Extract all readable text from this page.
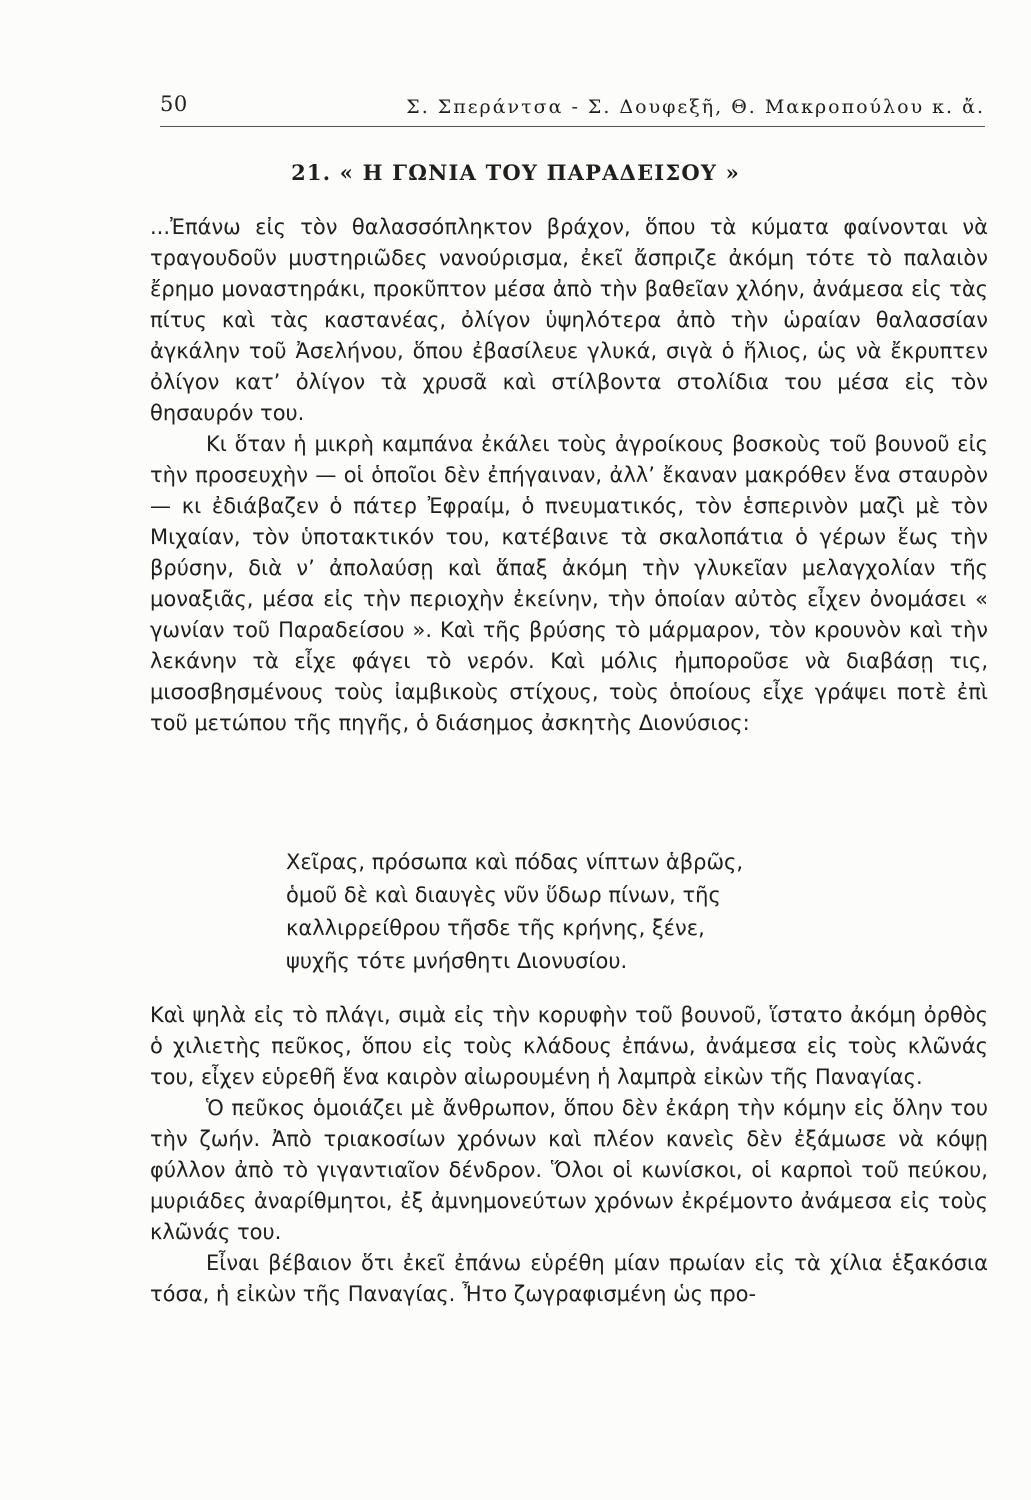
50	Σ. Σπεράντσα - Σ. Δουφεξῆ, Θ. Μακροπούλου κ. ἄ.
21. « Η ΓΩΝΙΑ ΤΟΥ ΠΑΡΑΔΕΙΣΟΥ »

...Ἐπάνω εἰς τὸν θαλασσόπληκτον βράχον, ὅπου τὰ κύματα φαίνονται νὰ τραγουδοῦν μυστηριῶδες νανούρισμα, ἐκεῖ ἄσπριζε ἀκόμη τότε τὸ παλαιὸν ἔρημο μοναστηράκι, προκῦπτον μέσα ἀπὸ τὴν βαθεῖαν χλόην, ἀνάμεσα εἰς τὰς πίτυς καὶ τὰς καστανέας, ὀλίγον ὑψηλότερα ἀπὸ τὴν ὡραίαν θαλασσίαν ἀγκάλην τοῦ Ἀσελήνου, ὅπου ἐβασίλευε γλυκά, σιγὰ ὁ ἥλιος, ὡς νὰ ἔκρυπτεν ὀλίγον κατ’ ὀλίγον τὰ χρυσᾶ καὶ στίλβοντα στολίδια του μέσα εἰς τὸν θησαυρόν του.

Κι ὅταν ἡ μικρὴ καμπάνα ἐκάλει τοὺς ἀγροίκους βοσκοὺς τοῦ βουνοῦ εἰς τὴν προσευχὴν — οἱ ὁποῖοι δὲν ἐπήγαιναν, ἀλλ’ ἔκαναν μακρόθεν ἕνα σταυρὸν — κι ἐδιάβαζεν ὁ πάτερ Ἐφραίμ, ὁ πνευματικός, τὸν ἑσπερινὸν μαζὶ μὲ τὸν Μιχαίαν, τὸν ὑποτακτικόν του, κατέβαινε τὰ σκαλοπάτια ὁ γέρων ἕως τὴν βρύσην, διὰ ν’ ἀπολαύσῃ καὶ ἅπαξ ἀκόμη τὴν γλυκεῖαν μελαγχολίαν τῆς μοναξιᾶς, μέσα εἰς τὴν περιοχὴν ἐκείνην, τὴν ὁποίαν αὐτὸς εἶχεν ὀνομάσει « γωνίαν τοῦ Παραδείσου ». Καὶ τῆς βρύσης τὸ μάρμαρον, τὸν κρουνὸν καὶ τὴν λεκάνην τὰ εἶχε φάγει τὸ νερόν. Καὶ μόλις ἠμποροῦσε νὰ διαβάσῃ τις, μισοσβησμένους τοὺς ἰαμβικοὺς στίχους, τοὺς ὁποίους εἶχε γράψει ποτὲ ἐπὶ τοῦ μετώπου τῆς πηγῆς, ὁ διάσημος ἀσκητὴς Διονύσιος:

Χεῖρας, πρόσωπα καὶ πόδας νίπτων ἁβρῶς,
ὁμοῦ δὲ καὶ διαυγὲς νῦν ὕδωρ πίνων, τῆς
καλλιρρείθρου τῆσδε τῆς κρήνης, ξένε,
ψυχῆς τότε μνήσθητι Διονυσίου.

Καὶ ψηλὰ εἰς τὸ πλάγι, σιμὰ εἰς τὴν κορυφὴν τοῦ βουνοῦ, ἵστατο ἀκόμη ὀρθὸς ὁ χιλιετὴς πεῦκος, ὅπου εἰς τοὺς κλάδους ἐπάνω, ἀνάμεσα εἰς τοὺς κλῶνάς του, εἶχεν εὑρεθῆ ἕνα καιρὸν αἰωρουμένη ἡ λαμπρὰ εἰκὼν τῆς Παναγίας.

Ὁ πεῦκος ὁμοιάζει μὲ ἄνθρωπον, ὅπου δὲν ἐκάρη τὴν κόμην εἰς ὅλην του τὴν ζωήν. Ἀπὸ τριακοσίων χρόνων καὶ πλέον κανεὶς δὲν ἐξάμωσε νὰ κόψῃ φύλλον ἀπὸ τὸ γιγαντιαῖον δένδρον. Ὅλοι οἱ κωνίσκοι, οἱ καρποὶ τοῦ πεύκου, μυριάδες ἀναρίθμητοι, ἐξ ἀμνημονεύτων χρόνων ἐκρέμοντο ἀνάμεσα εἰς τοὺς κλῶνάς του.

Εἶναι βέβαιον ὅτι ἐκεῖ ἐπάνω εὑρέθη μίαν πρωίαν εἰς τὰ χίλια ἑξακόσια τόσα, ἡ εἰκὼν τῆς Παναγίας. Ἦτο ζωγραφισμένη ὡς προ-
